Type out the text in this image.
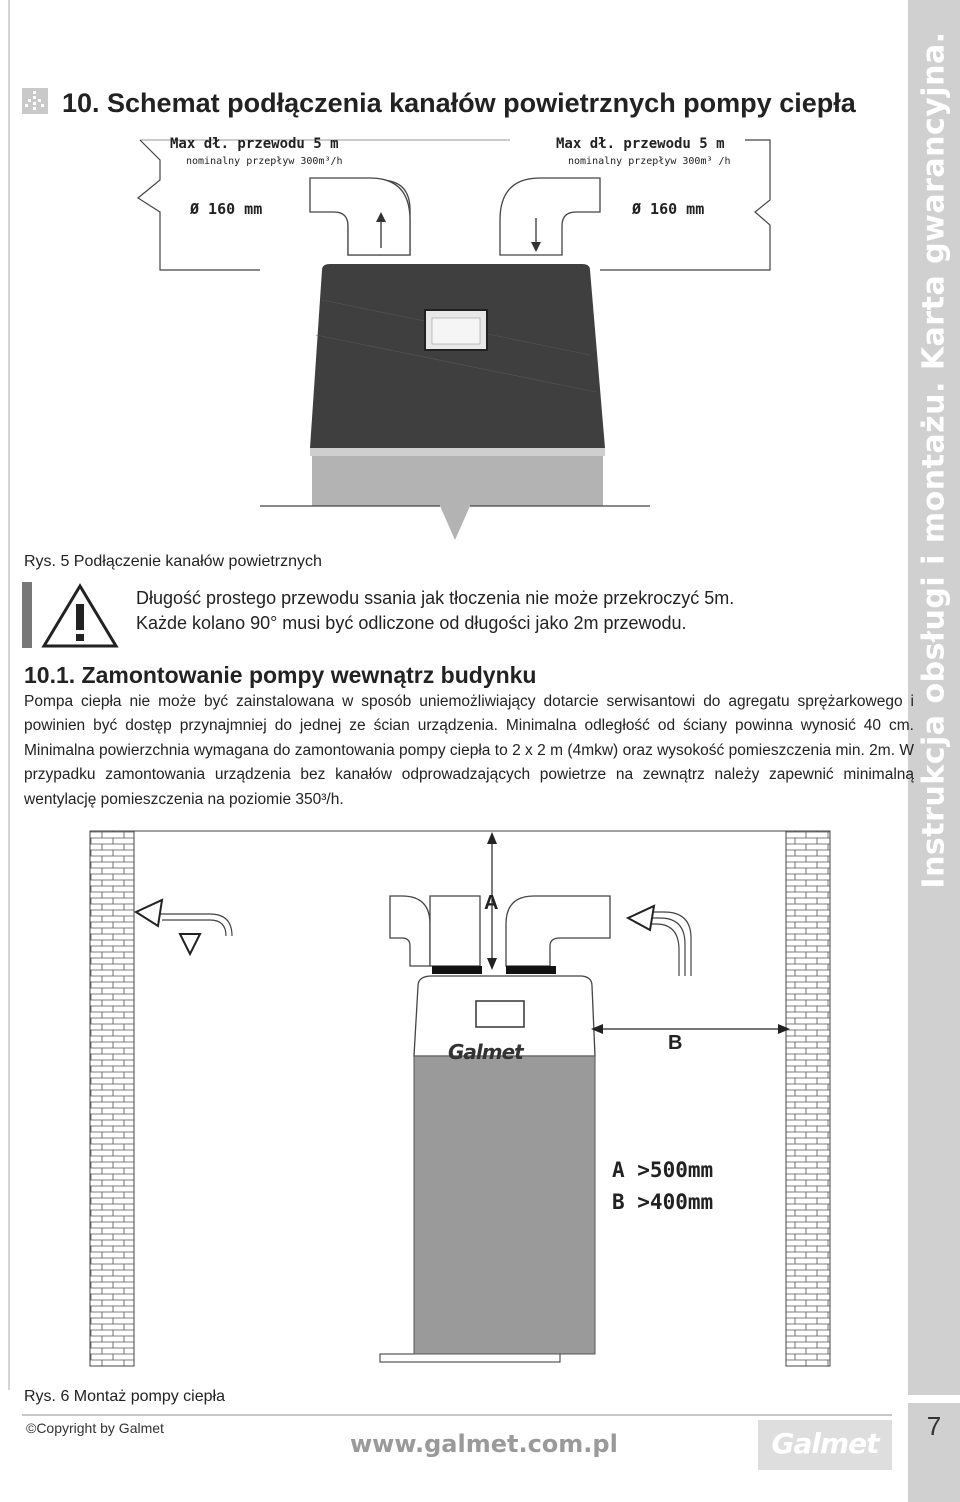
Instrukcja obsługi i montażu. Karta gwarancyjna.
10. Schemat podłączenia kanałów powietrznych pompy ciepła
Max dł. przewodu 5 m
nominalny przepływ 300m³/h
Ø 160 mm
Max dł. przewodu 5 m
nominalny przepływ 300m³ /h
Ø 160 mm
Rys. 5 Podłączenie kanałów powietrznych
Długość prostego przewodu ssania jak tłoczenia nie może przekroczyć 5m.
Każde kolano 90° musi być odliczone od długości jako 2m przewodu.
10.1. Zamontowanie pompy wewnątrz budynku
Pompa ciepła nie może być zainstalowana w sposób uniemożliwiający dotarcie serwisantowi do agregatu sprężarkowego i powinien być dostęp przynajmniej do jednej ze ścian urządzenia. Minimalna odległość od ściany powinna wynosić 40 cm. Minimalna powierzchnia wymagana do zamontowania pompy ciepła to 2 x 2 m (4mkw) oraz wysokość pomieszczenia min. 2m. W przypadku zamontowania urządzenia bez kanałów odprowadzających powietrze na zewnątrz należy zapewnić minimalną wentylację pomieszczenia na poziomie 350³/h.
A
B
Galmet
A >500mm
B >400mm
Rys. 6 Montaż pompy ciepła
©Copyright by Galmet
www.galmet.com.pl	Galmet
7
